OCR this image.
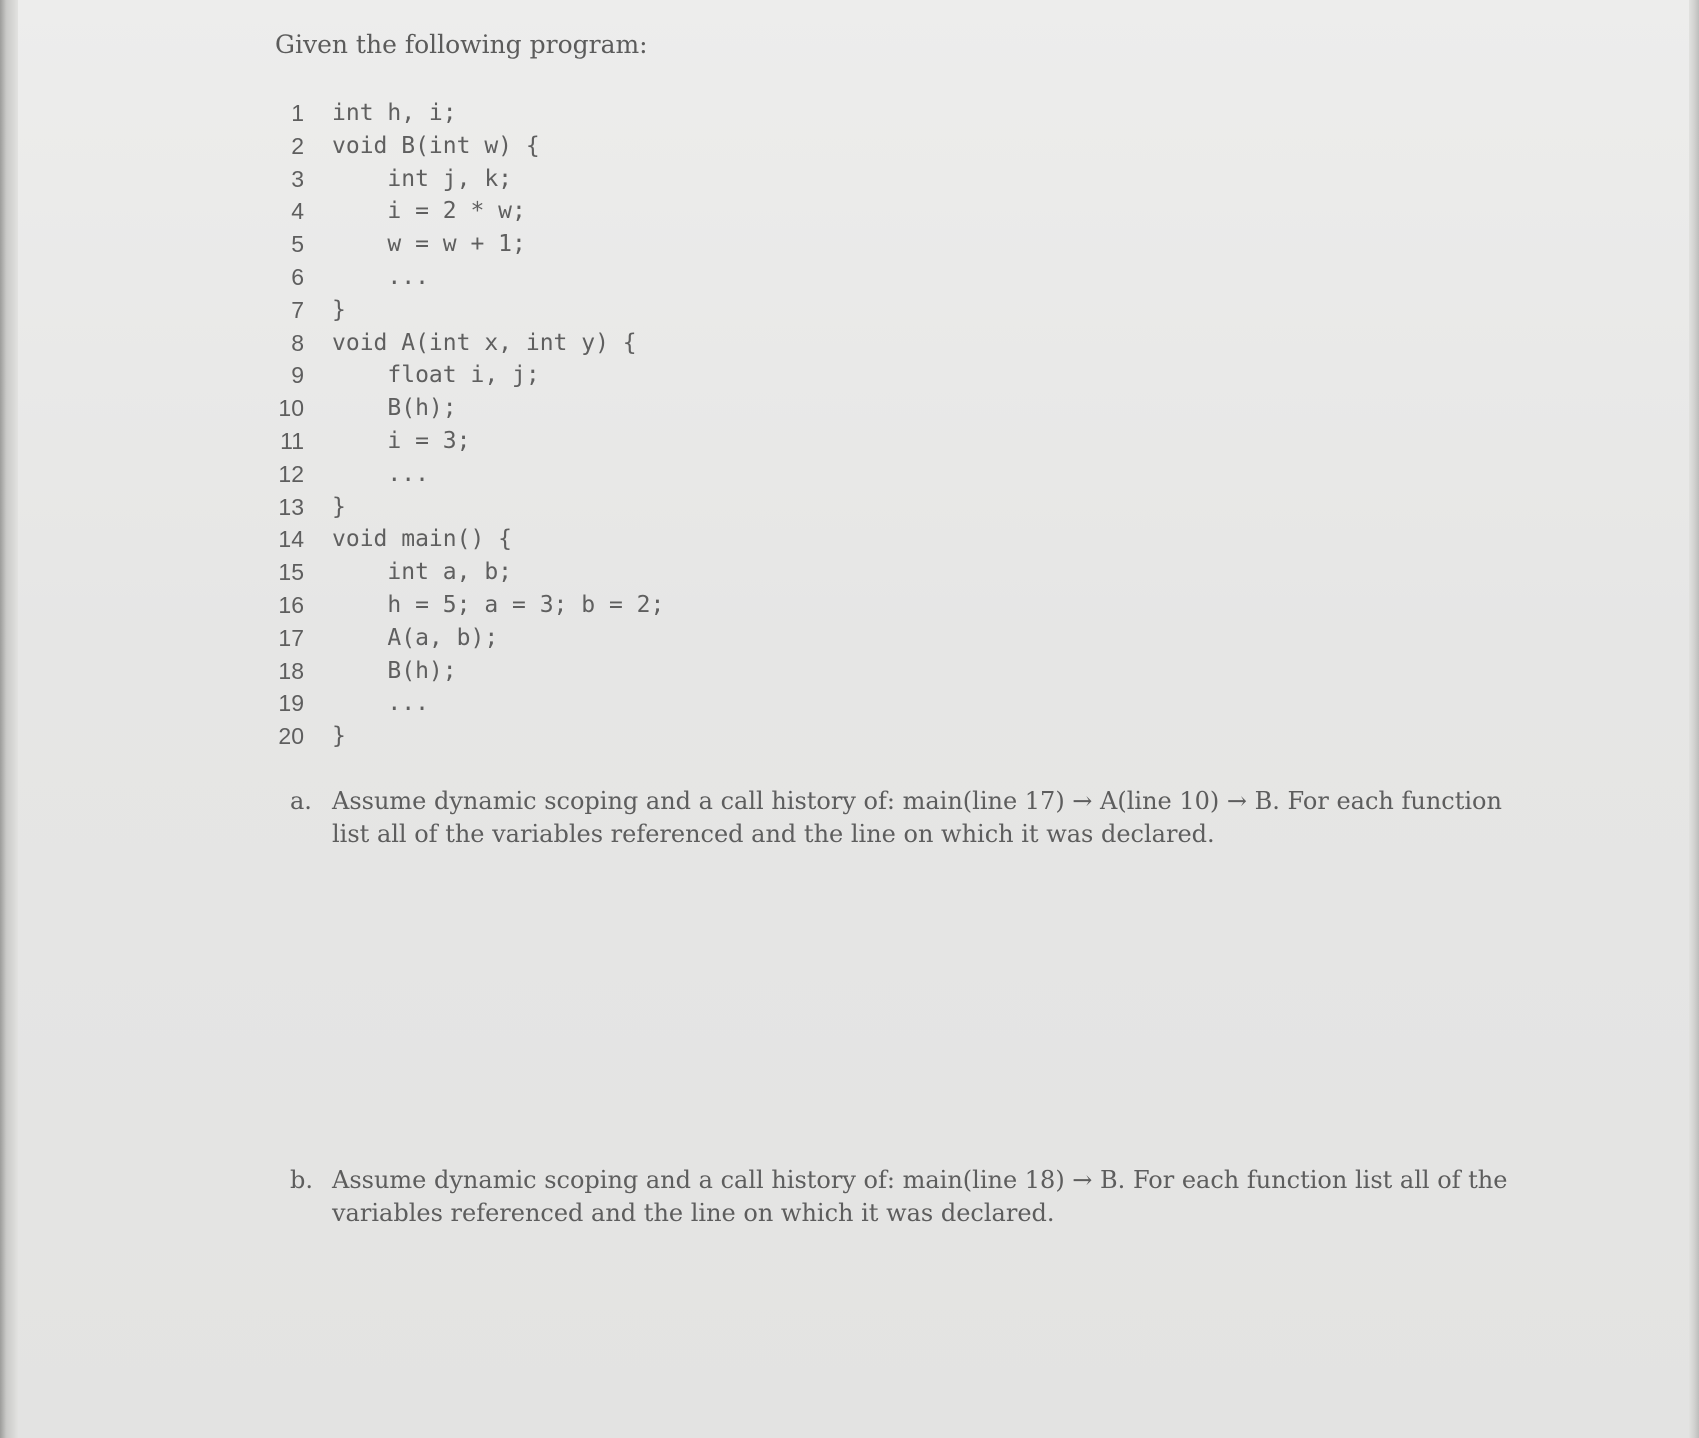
Given the following program:
1 int h, i;
2 void B(int w) {
3 int j, k;
4 i = 2 * w;
5 w = w + 1;
6 ...
7 }
8 void A(int x, int y) {
9 float i, j;
10 B(h);
11 i = 3;
12 ...
13 }
14 void main() {
15 int a, b;
16 h = 5; a = 3; b = 2;
17 A(a, b);
18 B(h);
19 ...
20 }
a. Assume dynamic scoping and a call history of: main(line 17) → A(line 10) → B. For each function list all of the variables referenced and the line on which it was declared.
b. Assume dynamic scoping and a call history of: main(line 18) → B. For each function list all of the variables referenced and the line on which it was declared.
